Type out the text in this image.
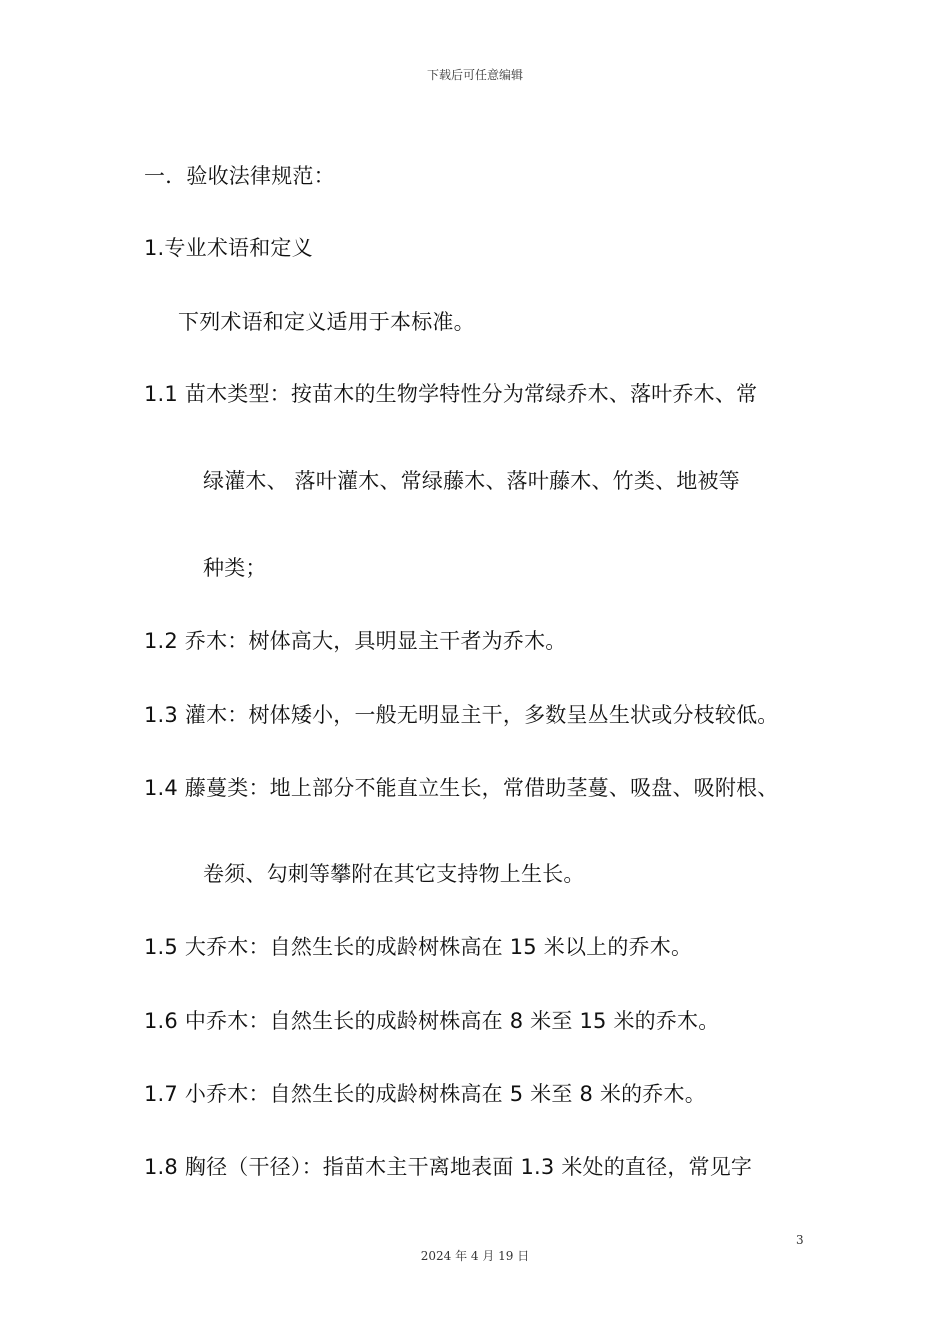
下载后可任意编辑
一．验收法律规范：
1.专业术语和定义
下列术语和定义适用于本标准。
1.1 苗木类型：按苗木的生物学特性分为常绿乔木、落叶乔木、常
绿灌木、 落叶灌木、常绿藤木、落叶藤木、竹类、地被等
种类；
1.2 乔木：树体高大，具明显主干者为乔木。
1.3 灌木：树体矮小，一般无明显主干，多数呈丛生状或分枝较低。
1.4 藤蔓类：地上部分不能直立生长，常借助茎蔓、吸盘、吸附根、
卷须、勾刺等攀附在其它支持物上生长。
1.5 大乔木：自然生长的成龄树株高在 15 米以上的乔木。
1.6 中乔木：自然生长的成龄树株高在 8 米至 15 米的乔木。
1.7 小乔木：自然生长的成龄树株高在 5 米至 8 米的乔木。
1.8 胸径（干径）：指苗木主干离地表面 1.3 米处的直径，常见字
3
2024 年 4 月 19 日
